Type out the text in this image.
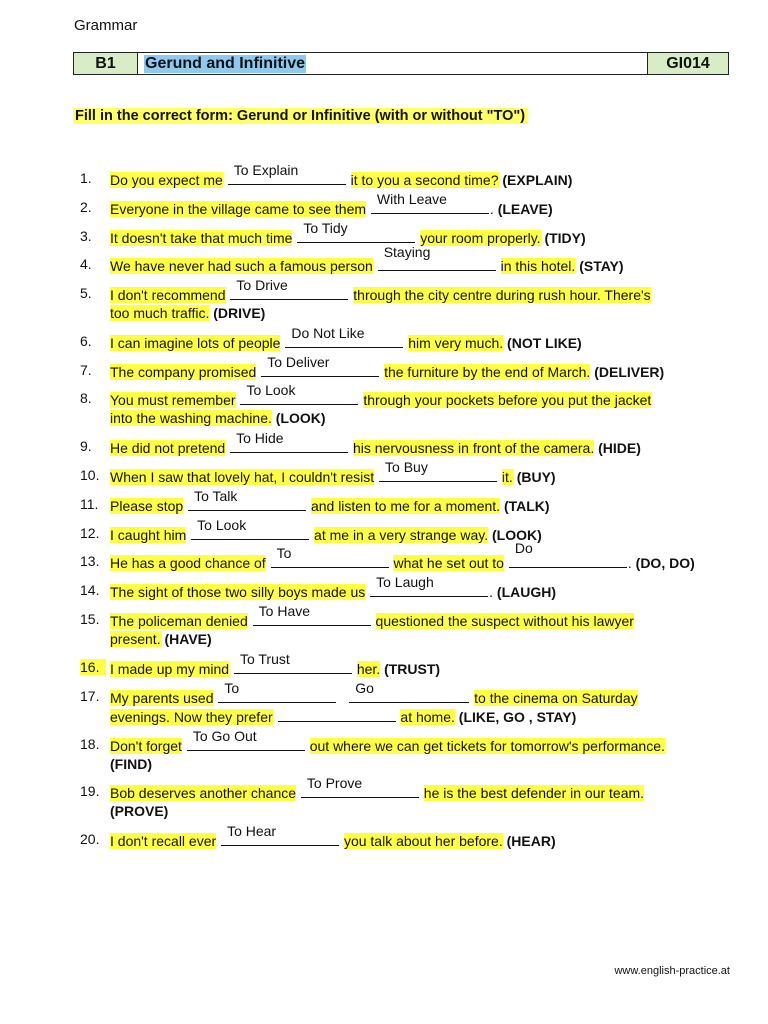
Grammar
B1	Gerund and Infinitive	GI014
Fill in the correct form: Gerund or Infinitive (with or without "TO")
1.	Do you expect me
To Explain
it to you a second time? (EXPLAIN)
2.	Everyone in the village came to see them
With Leave
. (LEAVE)
3.	It doesn't take that much time
To Tidy
your room properly. (TIDY)
4.	We have never had such a famous person
Staying
in this hotel. (STAY)
5.	I don't recommend
To Drive
through the city centre during rush hour. There's
too much traffic. (DRIVE)
6.	I can imagine lots of people
Do Not Like
him very much. (NOT LIKE)
7.	The company promised
To Deliver
the furniture by the end of March. (DELIVER)
8.	You must remember
To Look
through your pockets before you put the jacket
into the washing machine. (LOOK)
9.	He did not pretend
To Hide
his nervousness in front of the camera. (HIDE)
10. When I saw that lovely hat, I couldn't resist
To Buy
it. (BUY)
11. Please stop
To Talk
and listen to me for a moment. (TALK)
12. I caught him
To Look
at me in a very strange way. (LOOK)
13. He has a good chance of
To
what he set out to
Do
. (DO, DO)
14. The sight of those two silly boys made us
To Laugh
. (LAUGH)
15. The policeman denied
To Have
questioned the suspect without his lawyer
present. (HAVE)
16. I made up my mind
To Trust
her. (TRUST)
17. My parents used
To
	Go
to the cinema on Saturday
evenings. Now they prefer	at home. (LIKE, GO , STAY)
18. Don't forget
To Go Out
out where we can get tickets for tomorrow's performance.
(FIND)
19. Bob deserves another chance
To Prove
he is the best defender in our team.
(PROVE)
20. I don't recall ever
To Hear
you talk about her before. (HEAR)
www.english-practice.at
